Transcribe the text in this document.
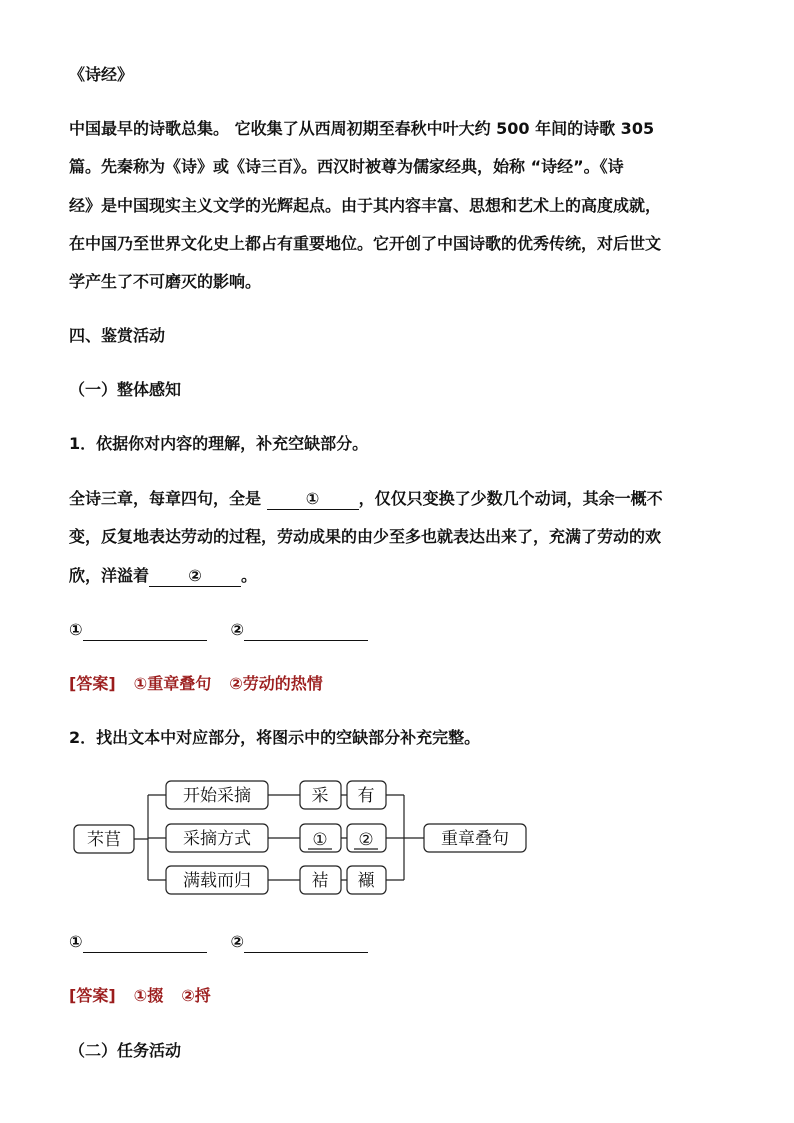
《诗经》
中国最早的诗歌总集。 它收集了从西周初期至春秋中叶大约 500 年间的诗歌 305
篇。先秦称为《诗》或《诗三百》。西汉时被尊为儒家经典，始称 “诗经”。《诗
经》是中国现实主义文学的光辉起点。由于其内容丰富、思想和艺术上的高度成就，
在中国乃至世界文化史上都占有重要地位。它开创了中国诗歌的优秀传统，对后世文
学产生了不可磨灭的影响。
四、鉴赏活动
（一）整体感知
1．依据你对内容的理解，补充空缺部分。
全诗三章，每章四句，全是 ① ，仅仅只变换了少数几个动词，其余一概不
变，反复地表达劳动的过程，劳动成果的由少至多也就表达出来了，充满了劳动的欢
欣，洋溢着 ② 。
①	②
[答案] ①重章叠句 ②劳动的热情
2．找出文本中对应部分，将图示中的空缺部分补充完整。
芣苢
开始采摘
采摘方式
满载而归
采 有
① ②
袺 襭
重章叠句
①	②
[答案] ①掇 ②捋
（二）任务活动
